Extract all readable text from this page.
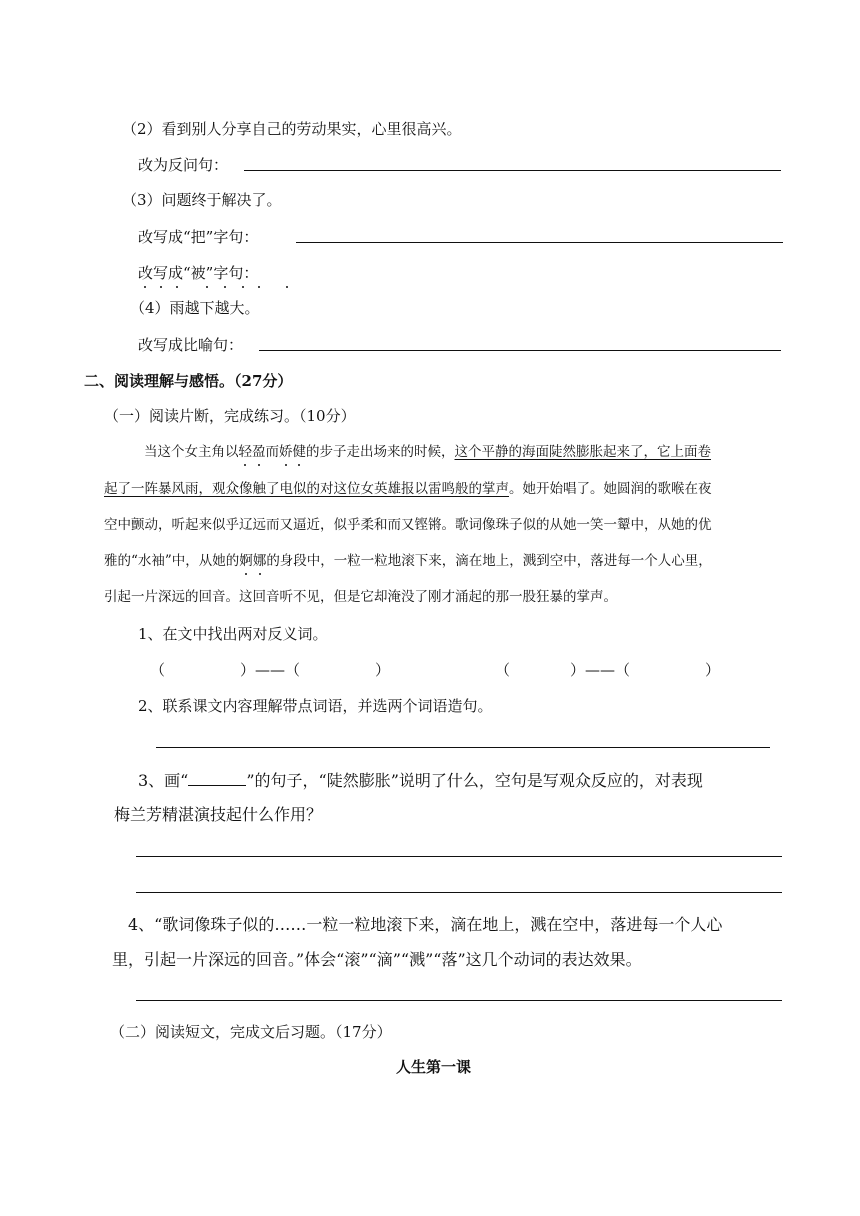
（2）看到别人分享自己的劳动果实，心里很高兴。
改为反问句：
（3）问题终于解决了。
改写成“把”字句：
改写成“被”字句：
（4）雨越下越大。
改写成比喻句：
二、阅读理解与感悟。（27分）
（一）阅读片断，完成练习。（10分）
当这个女主角以轻盈而娇健的步子走出场来的时候，这个平静的海面陡然膨胀起来了，它上面卷
起了一阵暴风雨，观众像触了电似的对这位女英雄报以雷鸣般的掌声。她开始唱了。她圆润的歌喉在夜
空中颤动，听起来似乎辽远而又逼近，似乎柔和而又铿锵。歌词像珠子似的从她一笑一颦中，从她的优
雅的“水袖”中，从她的婀娜的身段中，一粒一粒地滚下来，滴在地上，溅到空中，落进每一个人心里，
引起一片深远的回音。这回音听不见，但是它却淹没了刚才涌起的那一股狂暴的掌声。
1、在文中找出两对反义词。
（　　　　　）——（　　　　　）　　　　　　　　（　　　　）——（　　　　　）
2、联系课文内容理解带点词语，并选两个词语造句。
3、画“	”的句子，“陡然膨胀”说明了什么，空句是写观众反应的，对表现
梅兰芳精湛演技起什么作用？
4、“歌词像珠子似的……一粒一粒地滚下来，滴在地上，溅在空中，落进每一个人心
里，引起一片深远的回音。”体会“滚”“滴”“溅”“落”这几个动词的表达效果。
（二）阅读短文，完成文后习题。（17分）
人生第一课
